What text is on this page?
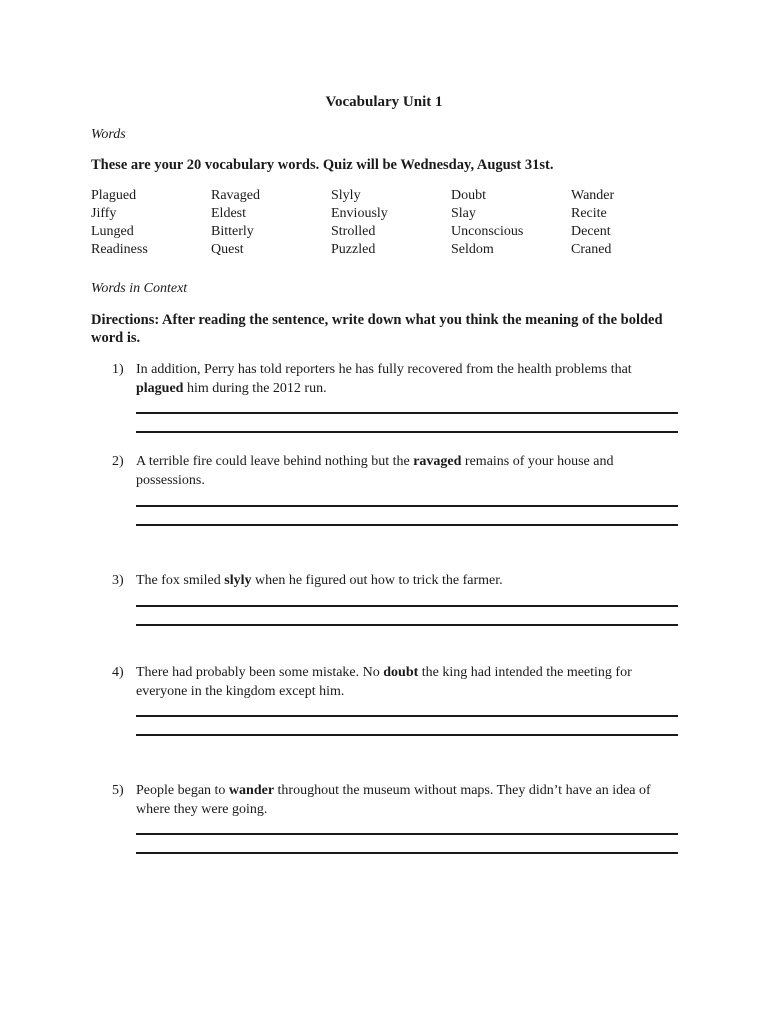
Vocabulary Unit 1
Words
These are your 20 vocabulary words. Quiz will be Wednesday, August 31st.
Plagued	Ravaged	Slyly	Doubt	Wander
Jiffy	Eldest	Enviously	Slay	Recite
Lunged	Bitterly	Strolled	Unconscious	Decent
Readiness	Quest	Puzzled	Seldom	Craned
Words in Context
Directions: After reading the sentence, write down what you think the meaning of the bolded word is.
1) In addition, Perry has told reporters he has fully recovered from the health problems that plagued him during the 2012 run.
2) A terrible fire could leave behind nothing but the ravaged remains of your house and possessions.
3) The fox smiled slyly when he figured out how to trick the farmer.
4) There had probably been some mistake. No doubt the king had intended the meeting for everyone in the kingdom except him.
5) People began to wander throughout the museum without maps. They didn’t have an idea of where they were going.
